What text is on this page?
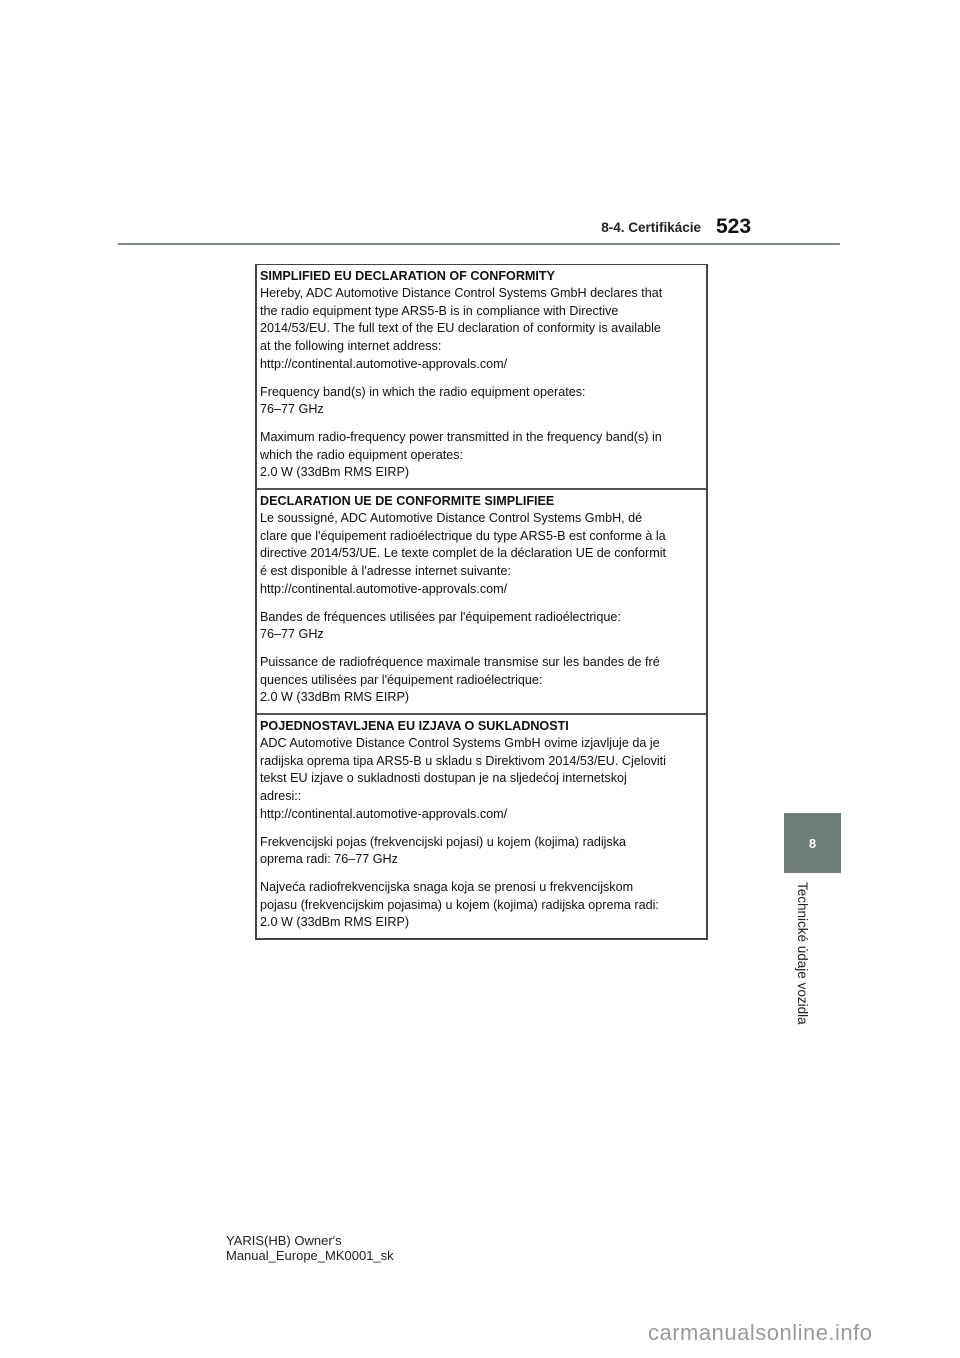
8-4. Certifikácie 523
8
Technické údaje vozidla
SIMPLIFIED EU DECLARATION OF CONFORMITY
Hereby, ADC Automotive Distance Control Systems GmbH declares that
the radio equipment type ARS5-B is in compliance with Directive
2014/53/EU. The full text of the EU declaration of conformity is available
at the following internet address:
http://continental.automotive-approvals.com/
Frequency band(s) in which the radio equipment operates:
76–77 GHz
Maximum radio-frequency power transmitted in the frequency band(s) in
which the radio equipment operates:
2.0 W (33dBm RMS EIRP)
DECLARATION UE DE CONFORMITE SIMPLIFIEE
Le soussigné, ADC Automotive Distance Control Systems GmbH, dé
clare que l'équipement radioélectrique du type ARS5-B est conforme à la
directive 2014/53/UE. Le texte complet de la déclaration UE de conformit
é est disponible à l'adresse internet suivante:
http://continental.automotive-approvals.com/
Bandes de fréquences utilisées par l'équipement radioélectrique:
76–77 GHz
Puissance de radiofréquence maximale transmise sur les bandes de fré
quences utilisées par l'équipement radioélectrique:
2.0 W (33dBm RMS EIRP)
POJEDNOSTAVLJENA EU IZJAVA O SUKLADNOSTI
ADC Automotive Distance Control Systems GmbH ovime izjavljuje da je
radijska oprema tipa ARS5-B u skladu s Direktivom 2014/53/EU. Cjeloviti
tekst EU izjave o sukladnosti dostupan je na sljedećoj internetskoj
adresi::
http://continental.automotive-approvals.com/
Frekvencijski pojas (frekvencijski pojasi) u kojem (kojima) radijska
oprema radi: 76–77 GHz
Najveća radiofrekvencijska snaga koja se prenosi u frekvencijskom
pojasu (frekvencijskim pojasima) u kojem (kojima) radijska oprema radi:
2.0 W (33dBm RMS EIRP)
YARIS(HB) Owner's Manual_Europe_MK0001_sk
carmanualsonline.info
